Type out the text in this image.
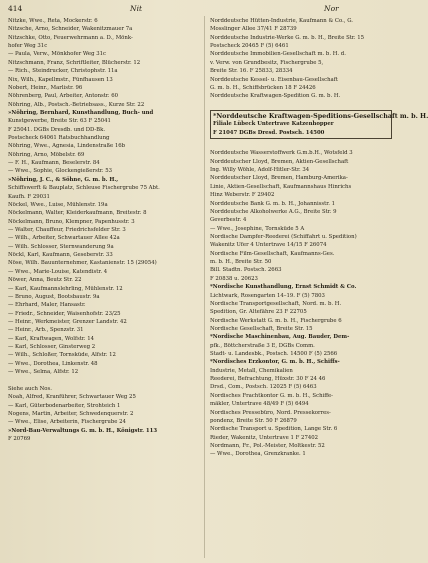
414	Nit	Nor
Nitzke, Wwe., Reta, Mockerstr. 6
Nitzsche, Arno, Schneider, Wakenitzmauer 7a
Nitzschke, Otto, Feuerwehrmann a. D., Mönk-
hofer Weg 31c
— Paula, Verw., Mönkhofer Weg 31c
Nitzschmann, Franz, Schriftleiter, Blücherstr. 12
— Rich., Steindrucker, Christophstr. 11a
Nix, Wilh., Kapellmstr., Fünfhausen 13
Nobert, Heinr., Marlistr. 96
Nöhrenberg, Paul, Arbeiter, Antonstr. 60
Nöhring, Alb., Postsch.-Betriebsass., Kurze Str. 22
»Nöhring, Bernhard, Kunsthandlung, Buch- und
Kunstgewerbe, Breite Str. 63 F 25041
F 25041. DGBs Dresdb. und DD-Bk.
Postscheck 64061 Ratsbuchhandlung
Nöhring, Wwe., Agnesia, Lindenstraße 16b
Nöhring, Arno, Möbelstr. 69
— F. H., Kaufmann, Beselerstr. 84
— Wwe., Sophie, Glockengießerstr. 53
»Nöhring, J. C., & Söhne, G. m. b. H.,
Schiffswerft & Bauplatz, Schleuse Fischergrube 75 Abt.
Kaufh. F 29031
Nöckel, Wwe., Luise, Mühlenstr. 19a
Nöckelmann, Walter, Kleiderkaufmann, Breitestr. 8
Nöckelmann, Bruno, Klempner, Papenhusstr. 3
— Walter, Chauffeur, Friedrichsfelder Str. 3
— Wilh., Arbeiter, Schwartauer Allee 42a
— Wilh. Schlosser, Sternwanderung 9a
Nöckl, Karl, Kaufmann, Geseberstr. 33
Nöse, Wilh. Bauunternehmer, Kastanienstr. 15 (29054)
— Wwe., Marie-Louise, Katendistr. 4
Nöwer, Anna, Beutz Str. 22
— Karl, Kaufmannslehrling, Mühlenstr. 12
— Bruno, August, Bootsbaustr. 9a
— Ehrhard, Maler, Hansastr.
— Friedr., Schneider, Waisenhofstr. 23/25
— Heinr., Werkmeister, Grenzer Landstr. 42
— Heinr., Arb., Spenzstr. 31
— Karl, Kraftwagen, Wolfstr. 14
— Karl, Schlosser, Ginsterweg 2
— Wilh., Schloßer, Tornsküde, Alfstr. 12
— Wwe., Dorothea, Linkenstr. 48
— Wwe., Selma, Alfstr. 12

Siehe auch Nos.
Noah, Alfred, Kranführer, Schwartauer Weg 25
— Karl, Güterbodenarbeiter, Strohteich 1
Nogens, Martin, Arbeiter, Schwedenquerstr. 2
— Wwe., Elise, Arbeiterin, Fischergrube 24
»Nord-Bau-Verwaltungs G. m. b. H., Königstr. 113
F 20769
Norddeutsche Hütten-Industrie, Kaufmann & Co., G.
Mosslinger Allee 37/41 F 28739
Norddeutsche Industrie-Werke G. m. b. H., Breite Str. 15
Postscheck 20465 F (5) 6461
Norddeutsche Immobilien-Gesellschaft m. b. H. d.
v. Verw. von Grundbesitz, Fischergrube 5,
Breite Str. 16. F 25833, 28334
Norddeutsche Kessel- u. Eisenbau-Gesellschaft
G. m. b. H., Schiffsbrücken 18 F 24426
Norddeutsche Kraftwagen-Spedition G. m. b. H.

*Norddeutsche Kraftwagen-Speditions-Gesellschaft m. b. H.
Filiale Lübeck Untertrave Katzenhopper
F 21047 DGBs Dresd. Postsch. 14500

Norddeutsche Wasserstoffwerk G.m.b.H., Wotsfeld 3
Norddeutscher Lloyd, Bremen, Aktien-Gesellschaft
Ing. Willy Wöhle, Adolf-Hitler-Str. 34
Norddeutscher Lloyd, Bremen, Hamburg-Amerika-
Linie, Aktien-Gesellschaft, Kaufmannshaus Hinrichs
Hinz Weberstr. F 29402
Norddeutsche Bank G. m. b. H., Johannisstr. 1
Norddeutsche Alkoholwerke A.G., Breite Str. 9
Geverbestr. 4
— Wwe., Josephine, Tornsküde 5 A
Nordische Dampfer-Reederei (Schiffahrt u. Spedition)
Wakenitz Ufer 4 Untertrave 14/15 F 26074
Nordische Film-Gesellschaft, Kaufmanns-Ges.
m. b. H., Breite Str. 50
Bill. Stadtn. Postsch. 2663
F 20838 u. 20623
*Nordische Kunsthandlung, Ernst Schmidt & Co.
Lichtwark, Rosengarten 14–19. F (5) 7803
Nordische Transportgesellschaft, Nord. m. b. H.
Spedition, Gr. Altefähre 23 F 22705
Nordische Werkstatt G. m. b. H., Fischergrube 6
Nordische Gesellschaft, Breite Str. 15
*Nordische Maschinenbau, Aug. Bauder, Dem-
pfk., Böttcherstraße 3 E, DGBs Comm.
Stadt- u. Landesbk., Postsch. 14500 F (5) 2566
*Nordisches Erzkontor, G. m. b. H., Schiffs-
Industrie, Metall, Chemikalien
Reederei, Befrachtung, Hüxstr. 30 F 24 46
Drsd., Com., Postsch. 12025 F (5) 6463
Nordisches Frachtkontor G. m. b. H., Schiffe-
mäkler, Untertrave 48/49 F (5) 6494
Nordisches Pressebüro, Nord. Pressekorres-
pondenz, Breite Str. 50 F 26879
Nordische Transport u. Spedition, Lange Str. 6
Rieder, Wakenitz, Untertrave 1 F 27402
Nordmann, Fr., Pol.-Meister, Moltkestr. 52
— Wwe., Dorothea, Grenzkranke. 1
